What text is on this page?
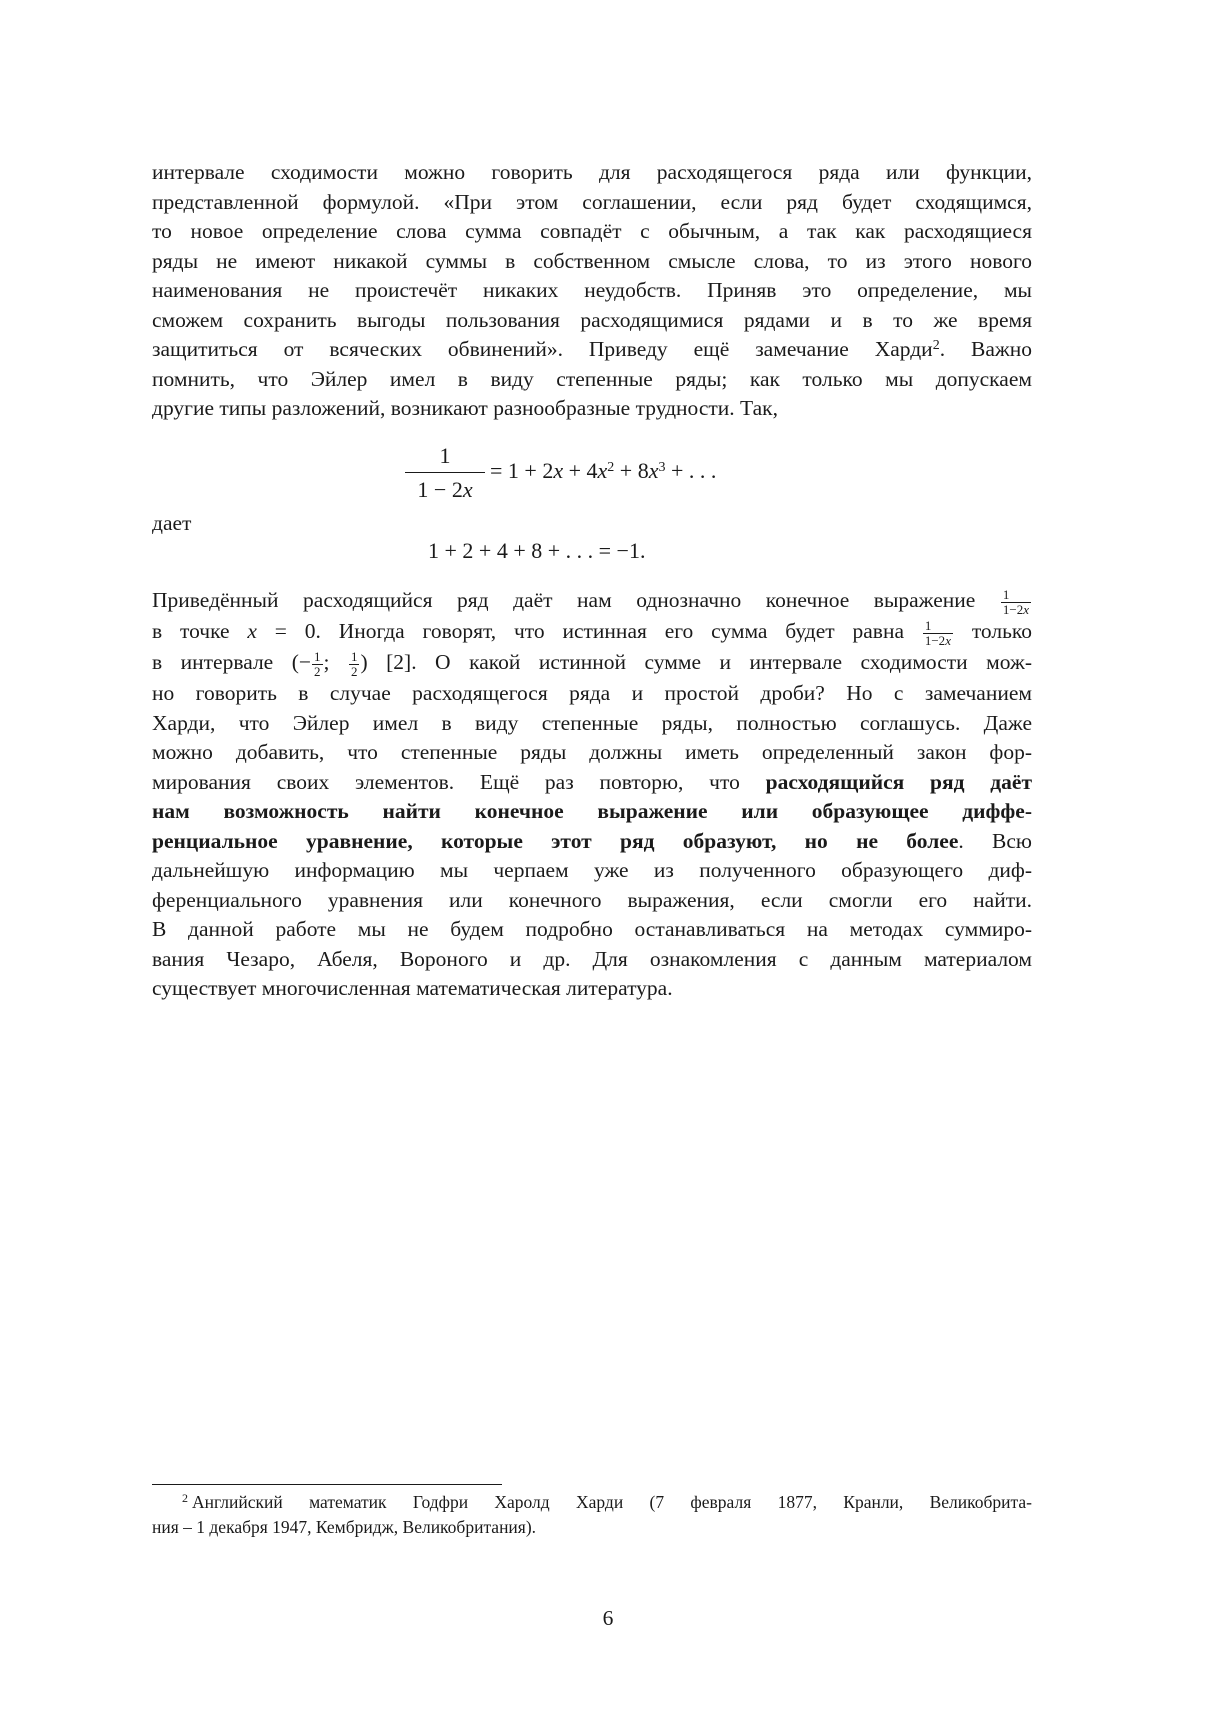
интервале сходимости можно говорить для расходящегося ряда или функции,
представленной формулой. «При этом соглашении, если ряд будет сходящимся,
то новое определение слова сумма совпадёт с обычным, а так как расходящиеся
ряды не имеют никакой суммы в собственном смысле слова, то из этого нового
наименования не проистечёт никаких неудобств. Приняв это определение, мы
сможем сохранить выгоды пользования расходящимися рядами и в то же время
защититься от всяческих обвинений». Приведу ещё замечание Харди$^2$. Важно
помнить, что Эйлер имел в виду степенные ряды; как только мы допускаем
другие типы разложений, возникают разнообразные трудности. Так,
1
1 − 2x
= $1 + 2x + 4x^2 + 8x^3$ + . . .
дает
1 + 2 + 4 + 8 + . . . = −1.
Приведённый расходящийся ряд даёт нам однозначно конечное выражение $\frac{1}{1-2x}$
в точке x = 0. Иногда говорят, что истинная его сумма будет равна $\frac{1}{1-2x}$ только
в интервале (− $\frac{1}{2}$ ; $\frac{1}{2}$ ) [2]. О какой истинной сумме и интервале сходимости мож-
но говорить в случае расходящегося ряда и простой дроби? Но с замечанием
Харди, что Эйлер имел в виду степенные ряды, полностью соглашусь. Даже
можно добавить, что степенные ряды должны иметь определенный закон фор-
мирования своих элементов. Ещё раз повторю, что расходящийся ряд даёт
нам возможность найти конечное выражение или образующее диффе-
ренциальное уравнение, которые этот ряд образуют, но не более. Всю
дальнейшую информацию мы черпаем уже из полученного образующего диф-
ференциального уравнения или конечного выражения, если смогли его найти.
В данной работе мы не будем подробно останавливаться на методах суммиро-
вания Чезаро, Абеля, Вороного и др. Для ознакомления с данным материалом
существует многочисленная математическая литература.
$^2$ Английский математик Годфри Харолд Харди (7 февраля 1877, Кранли, Великобрита-
ния – 1 декабря 1947, Кембридж, Великобритания).
6
